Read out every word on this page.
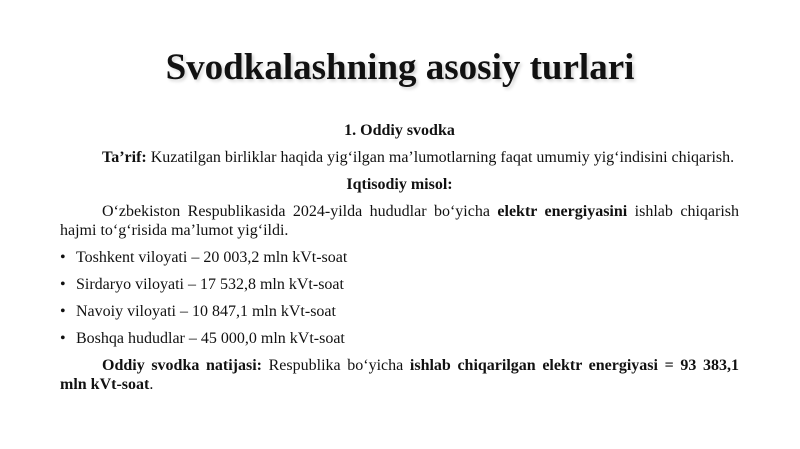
Svodkalashning asosiy turlari

1. Oddiy svodka

Ta’rif: Kuzatilgan birliklar haqida yig‘ilgan ma’lumotlarning faqat umumiy yig‘indisini chiqarish.

Iqtisodiy misol:

O‘zbekiston Respublikasida 2024-yilda hududlar bo‘yicha elektr energiyasini ishlab chiqarish hajmi to‘g‘risida ma’lumot yig‘ildi.

• Toshkent viloyati – 20 003,2 mln kVt-soat
• Sirdaryo viloyati – 17 532,8 mln kVt-soat
• Navoiy viloyati – 10 847,1 mln kVt-soat
• Boshqa hududlar – 45 000,0 mln kVt-soat

Oddiy svodka natijasi: Respublika bo‘yicha ishlab chiqarilgan elektr energiyasi = 93 383,1 mln kVt-soat.
